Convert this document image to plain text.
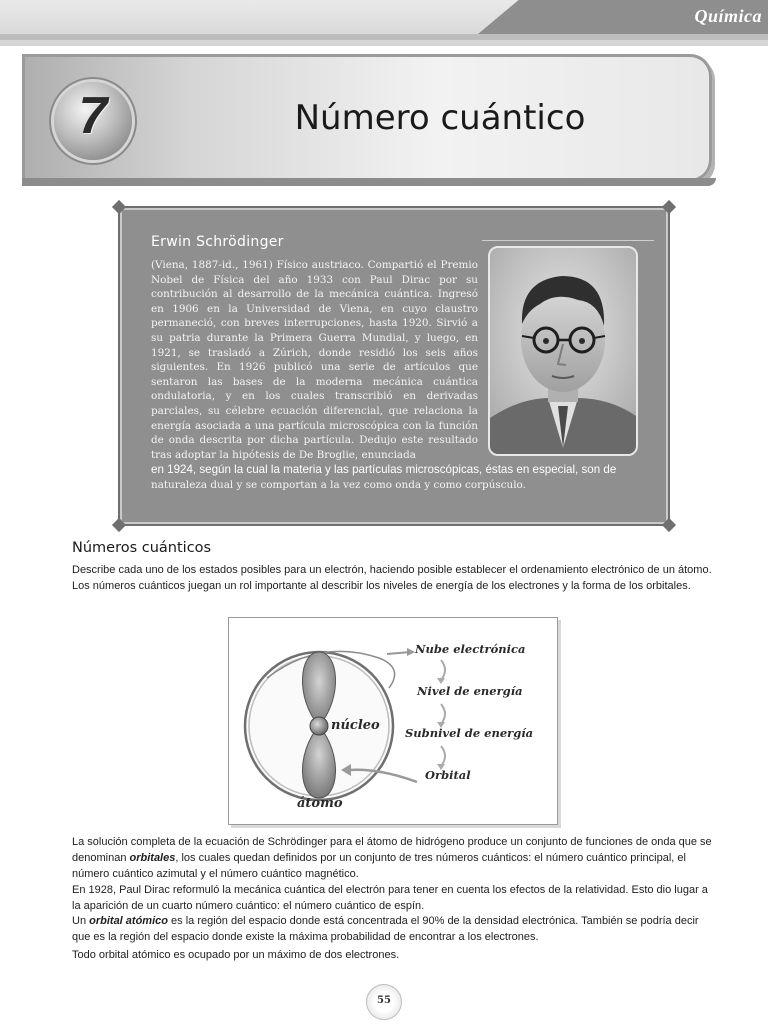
Química
7	Número cuántico
Erwin Schrödinger
(Viena, 1887-id., 1961) Físico austriaco. Compartió el Premio Nobel de Física del año 1933 con Paul Dirac por su contribución al desarrollo de la mecánica cuántica. Ingresó en 1906 en la Universidad de Viena, en cuyo claustro permaneció, con breves interrupciones, hasta 1920. Sirvió a su patria durante la Primera Guerra Mundial, y luego, en 1921, se trasladó a Zúrich, donde residió los seis años siguientes. En 1926 publicó una serie de artículos que sentaron las bases de la moderna mecánica cuántica ondulatoria, y en los cuales transcribió en derivadas parciales, su célebre ecuación diferencial, que relaciona la energía asociada a una partícula microscópica con la función de onda descrita por dicha partícula. Dedujo este resultado tras adoptar la hipótesis de De Broglie, enunciada
en 1924, según la cual la materia y las partículas microscópicas, éstas en especial, son de
naturaleza dual y se comportan a la vez como onda y como corpúsculo.
Números cuánticos
Describe cada uno de los estados posibles para un electrón, haciendo posible establecer el ordenamiento electrónico de un átomo. Los números cuánticos juegan un rol importante al describir los niveles de energía de los electrones y la forma de los orbitales.
Nube electrónica
Nivel de energía
Subnivel de energía
Orbital
núcleo
átomo
La solución completa de la ecuación de Schrödinger para el átomo de hidrógeno produce un conjunto de funciones de onda que se denominan orbitales, los cuales quedan definidos por un conjunto de tres números cuánticos: el número cuántico principal, el número cuántico azimutal y el número cuántico magnético.
En 1928, Paul Dirac reformuló la mecánica cuántica del electrón para tener en cuenta los efectos de la relatividad. Esto dio lugar a la aparición de un cuarto número cuántico: el número cuántico de espín.
Un orbital atómico es la región del espacio donde está concentrada el 90% de la densidad electrónica. También se podría decir que es la región del espacio donde existe la máxima probabilidad de encontrar a los electrones.
Todo orbital atómico es ocupado por un máximo de dos electrones.
55
